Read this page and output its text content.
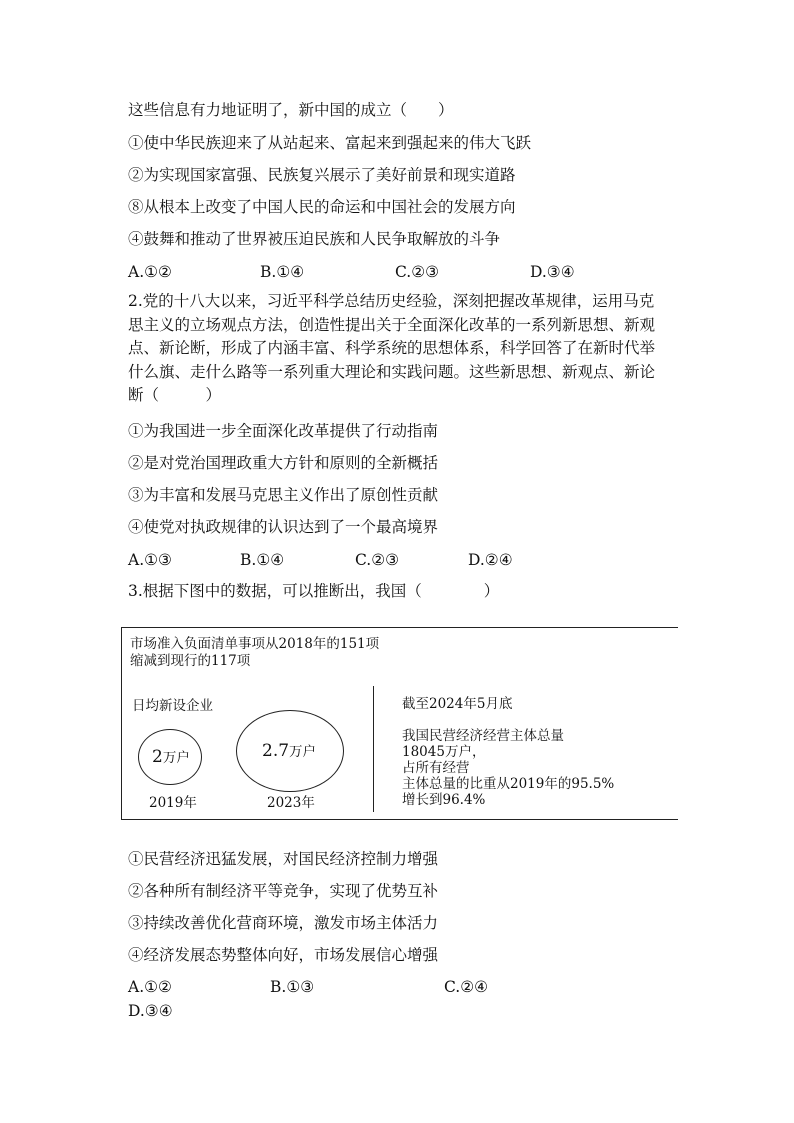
这些信息有力地证明了，新中国的成立（　　）
①使中华民族迎来了从站起来、富起来到强起来的伟大飞跃
②为实现国家富强、民族复兴展示了美好前景和现实道路
⑧从根本上改变了中国人民的命运和中国社会的发展方向
④鼓舞和推动了世界被压迫民族和人民争取解放的斗争
A.①②	B.①④	C.②③	D.③④
2.党的十八大以来，习近平科学总结历史经验，深刻把握改革规律，运用马克思主义的立场观点方法，创造性提出关于全面深化改革的一系列新思想、新观点、新论断，形成了内涵丰富、科学系统的思想体系，科学回答了在新时代举什么旗、走什么路等一系列重大理论和实践问题。这些新思想、新观点、新论断（　　　）
①为我国进一步全面深化改革提供了行动指南
②是对党治国理政重大方针和原则的全新概括
③为丰富和发展马克思主义作出了原创性贡献
④使党对执政规律的认识达到了一个最高境界
A.①③	B.①④	C.②③	D.②④
3.根据下图中的数据，可以推断出，我国（　　　　）
市场准入负面清单事项从2018年的151项
缩减到现行的117项
日均新设企业
2万户	2.7万户
2019年	2023年
截至2024年5月底
我国民营经济经营主体总量
18045万户，
占所有经营
主体总量的比重从2019年的95.5%
增长到96.4%
①民营经济迅猛发展，对国民经济控制力增强
②各种所有制经济平等竞争，实现了优势互补
③持续改善优化营商环境，激发市场主体活力
④经济发展态势整体向好，市场发展信心增强
A.①②	B.①③	C.②④
D.③④
